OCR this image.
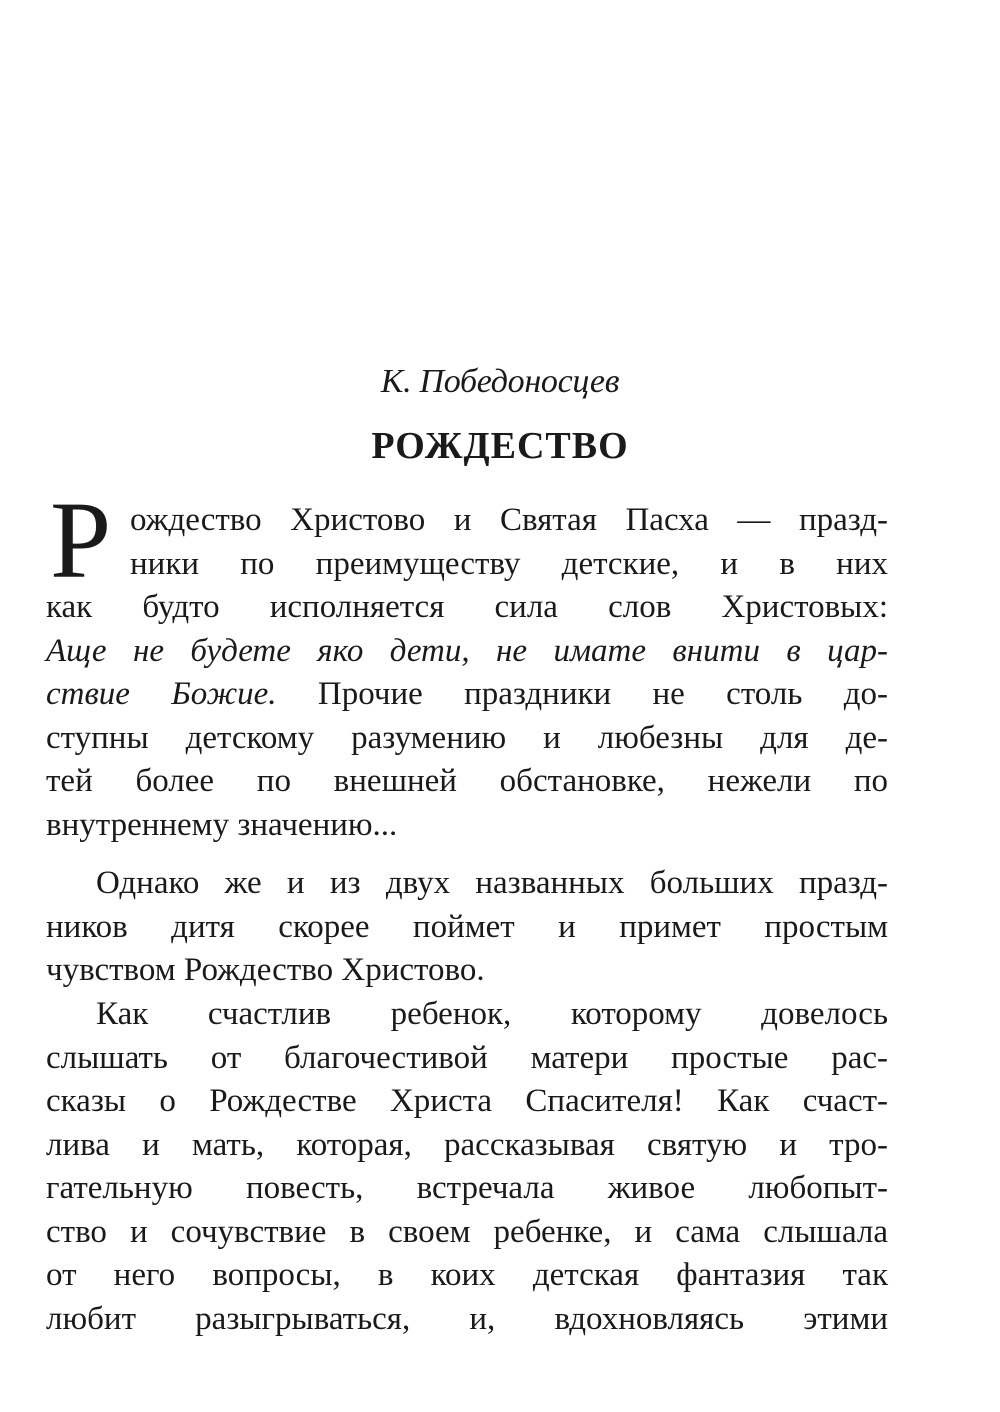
К. Победоносцев
РОЖДЕСТВО
Р ождество Христово и Святая Пасха — празд-
ники по преимуществу детские, и в них
как будто исполняется сила слов Христовых:
Аще не будете яко дети, не имате внити в цар-
ствие Божие. Прочие праздники не столь до-
ступны детскому разумению и любезны для де-
тей более по внешней обстановке, нежели по
внутреннему значению...
Однако же и из двух названных больших празд-
ников дитя скорее поймет и примет простым
чувством Рождество Христово.
Как счастлив ребенок, которому довелось
слышать от благочестивой матери простые рас-
сказы о Рождестве Христа Спасителя! Как счаст-
лива и мать, которая, рассказывая святую и тро-
гательную повесть, встречала живое любопыт-
ство и сочувствие в своем ребенке, и сама слышала
от него вопросы, в коих детская фантазия так
любит разыгрываться, и, вдохновляясь этими
